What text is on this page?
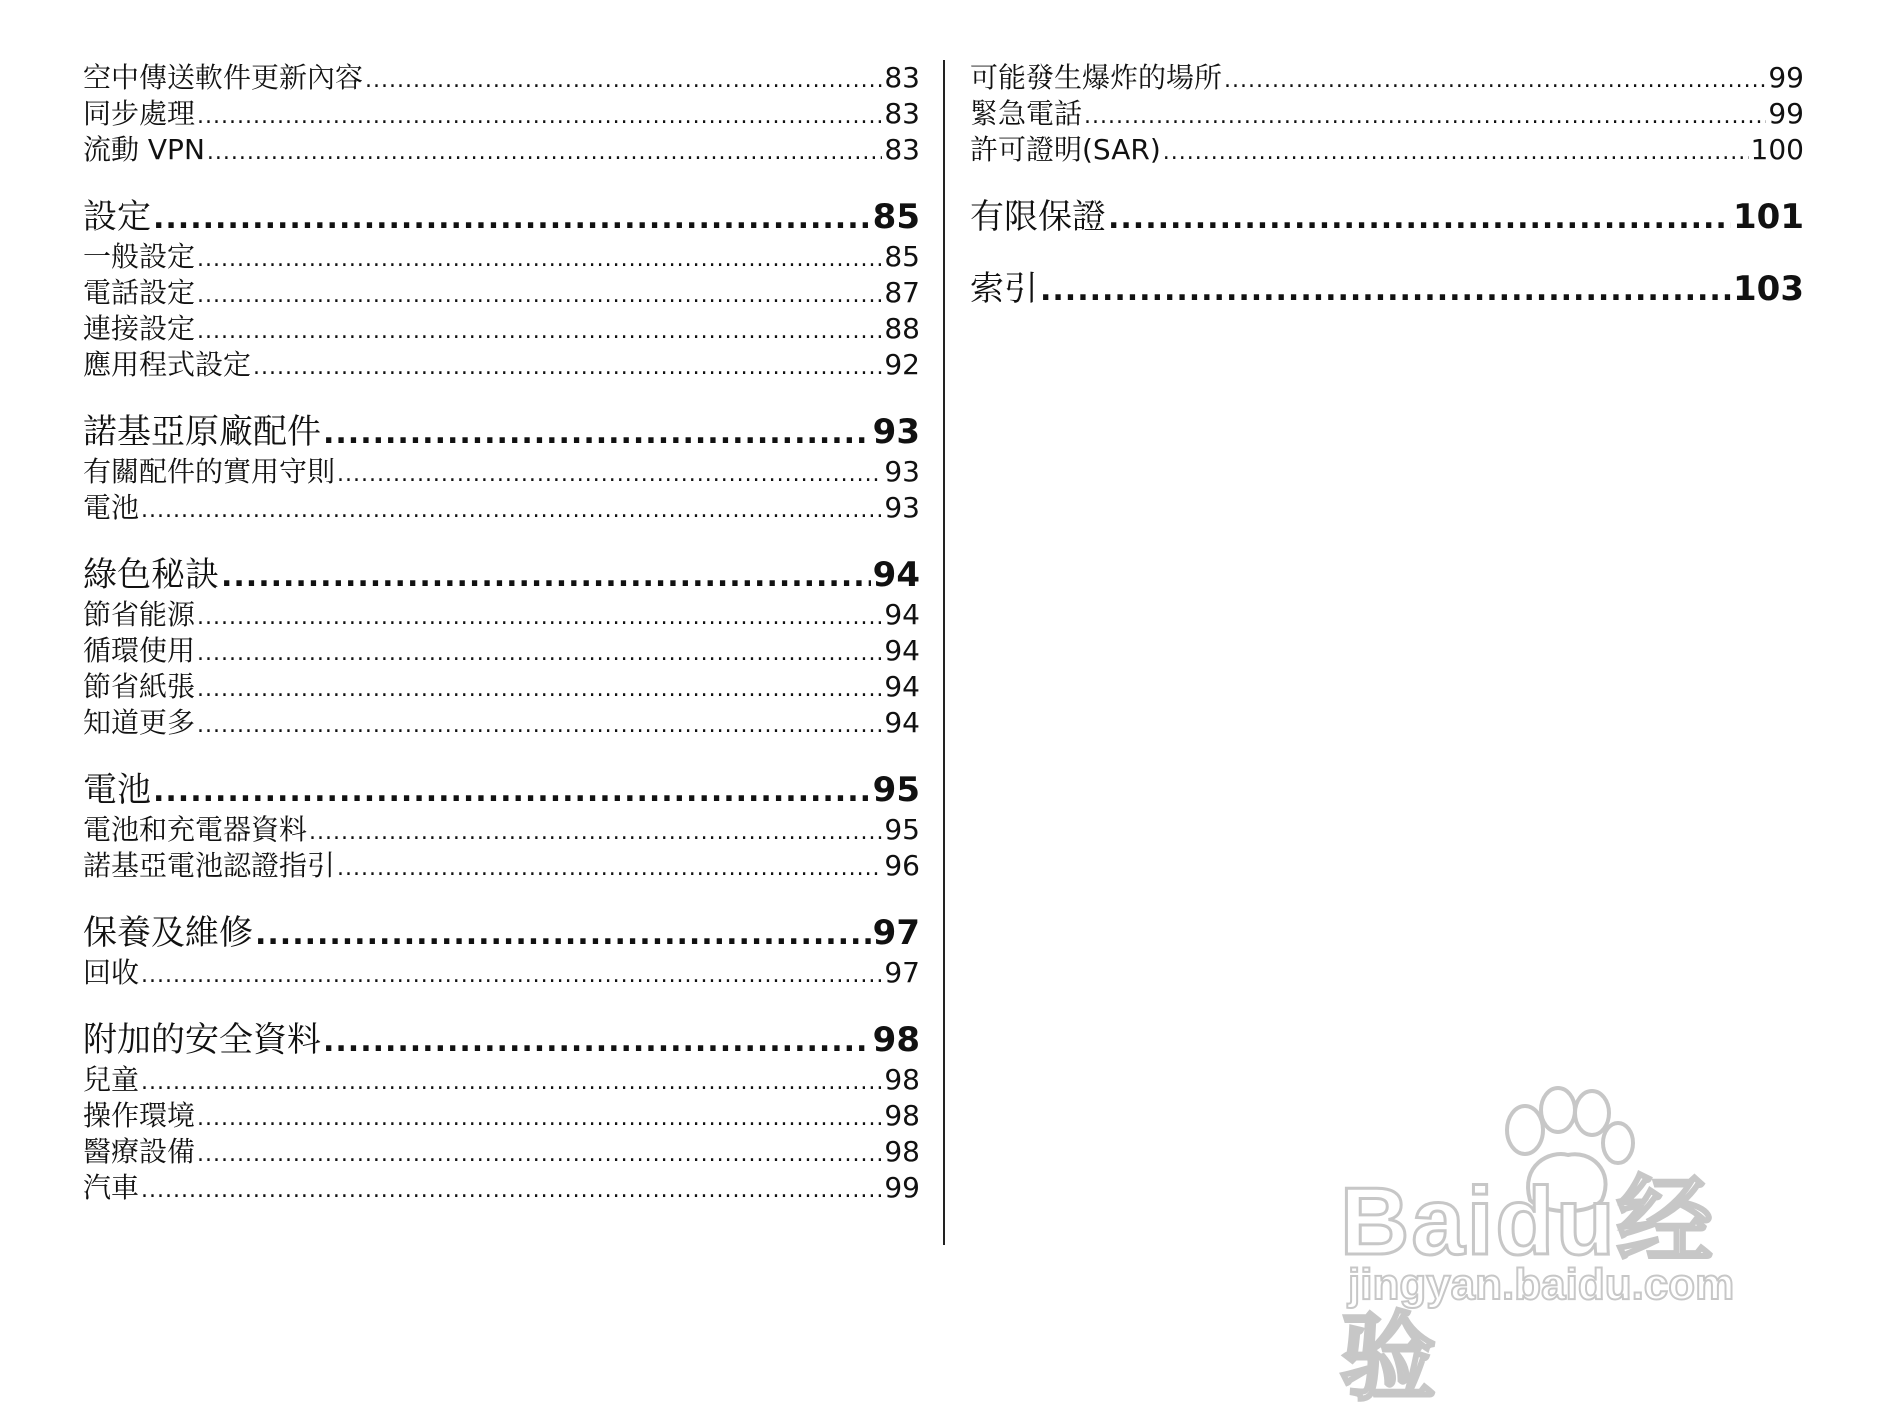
空中傳送軟件更新內容 .....	83
同步處理 .....	83
流動 VPN .....	83
設定 .....	85
一般設定 .....	85
電話設定 .....	87
連接設定 .....	88
應用程式設定 .....	92
諾基亞原廠配件 .....	93
有關配件的實用守則 .....	93
電池 .....	93
綠色秘訣 .....	94
節省能源 .....	94
循環使用 .....	94
節省紙張 .....	94
知道更多 .....	94
電池 .....	95
電池和充電器資料 .....	95
諾基亞電池認證指引 .....	96
保養及維修 .....	97
回收 .....	97
附加的安全資料 .....	98
兒童 .....	98
操作環境 .....	98
醫療設備 .....	98
汽車 .....	99
可能發生爆炸的場所 .....	99
緊急電話 .....	99
許可證明(SAR) .....	100
有限保證 .....	101
索引 .....	103
Baidu经验
jingyan.baidu.com
